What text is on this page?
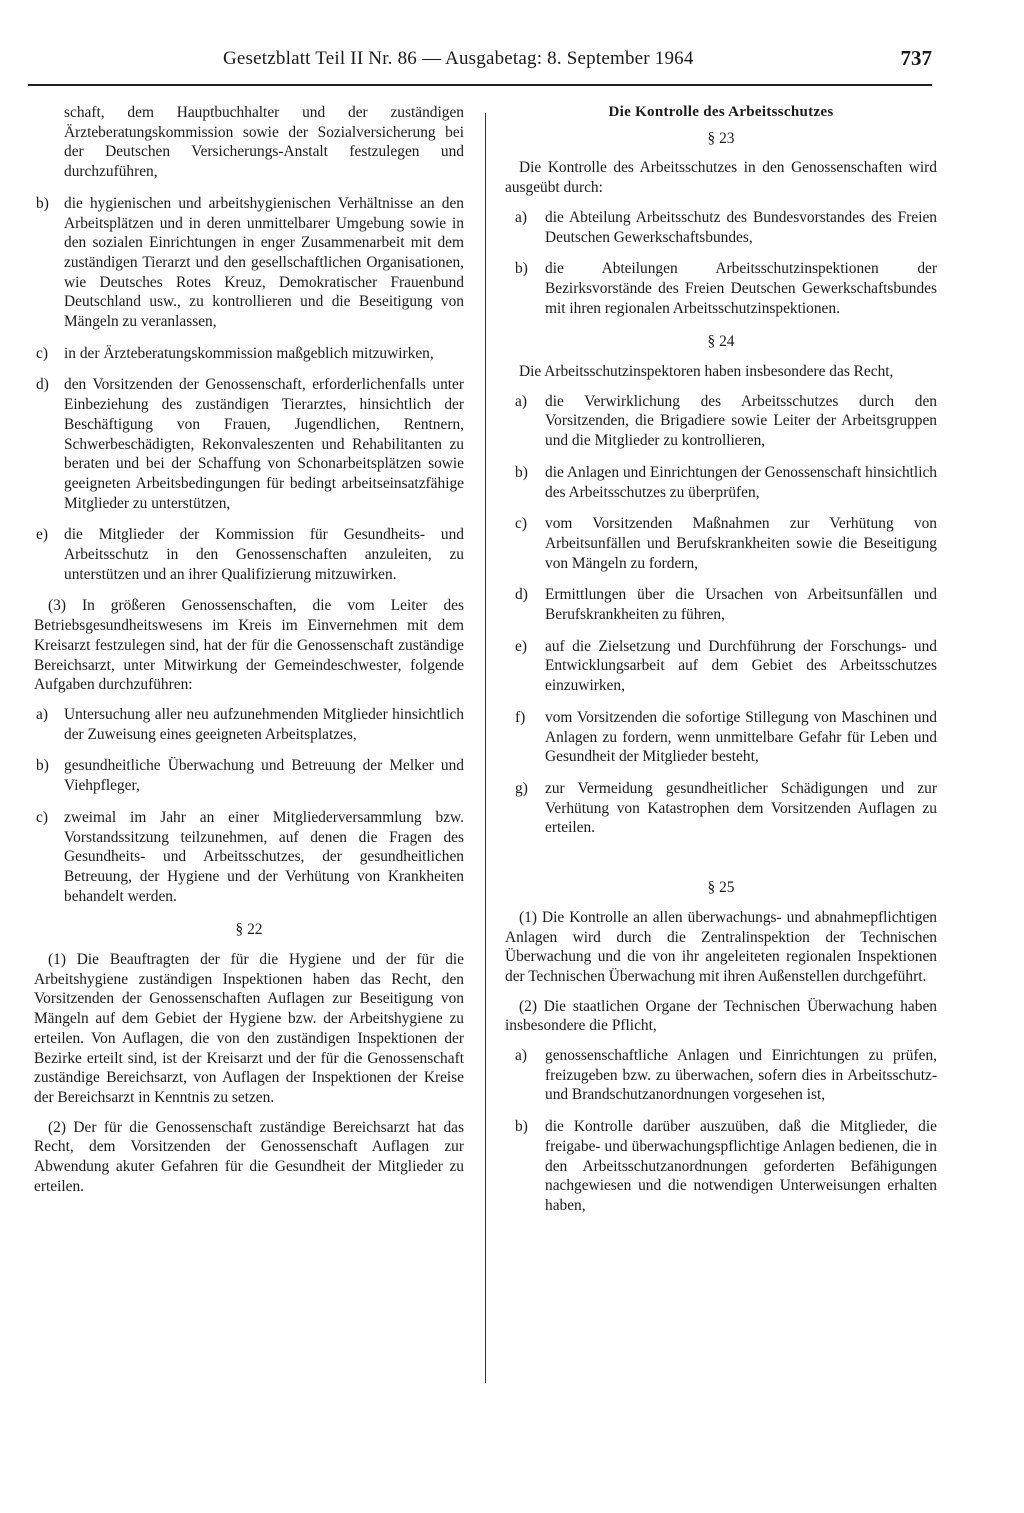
Gesetzblatt Teil II Nr. 86 — Ausgabetag: 8. September 1964	737

schaft, dem Hauptbuchhalter und der zuständigen Ärzteberatungskommission sowie der Sozialversicherung bei der Deutschen Versicherungs-Anstalt festzulegen und durchzuführen,

b) die hygienischen und arbeitshygienischen Verhältnisse an den Arbeitsplätzen und in deren unmittelbarer Umgebung sowie in den sozialen Einrichtungen in enger Zusammenarbeit mit dem zuständigen Tierarzt und den gesellschaftlichen Organisationen, wie Deutsches Rotes Kreuz, Demokratischer Frauenbund Deutschland usw., zu kontrollieren und die Beseitigung von Mängeln zu veranlassen,

c) in der Ärzteberatungskommission maßgeblich mitzuwirken,

d) den Vorsitzenden der Genossenschaft, erforderlichenfalls unter Einbeziehung des zuständigen Tierarztes, hinsichtlich der Beschäftigung von Frauen, Jugendlichen, Rentnern, Schwerbeschädigten, Rekonvaleszenten und Rehabilitanten zu beraten und bei der Schaffung von Schonarbeitsplätzen sowie geeigneten Arbeitsbedingungen für bedingt arbeitseinsatzfähige Mitglieder zu unterstützen,

e) die Mitglieder der Kommission für Gesundheits- und Arbeitsschutz in den Genossenschaften anzuleiten, zu unterstützen und an ihrer Qualifizierung mitzuwirken.

(3) In größeren Genossenschaften, die vom Leiter des Betriebsgesundheitswesens im Kreis im Einvernehmen mit dem Kreisarzt festzulegen sind, hat der für die Genossenschaft zuständige Bereichsarzt, unter Mitwirkung der Gemeindeschwester, folgende Aufgaben durchzuführen:

a) Untersuchung aller neu aufzunehmenden Mitglieder hinsichtlich der Zuweisung eines geeigneten Arbeitsplatzes,

b) gesundheitliche Überwachung und Betreuung der Melker und Viehpfleger,

c) zweimal im Jahr an einer Mitgliederversammlung bzw. Vorstandssitzung teilzunehmen, auf denen die Fragen des Gesundheits- und Arbeitsschutzes, der gesundheitlichen Betreuung, der Hygiene und der Verhütung von Krankheiten behandelt werden.

§ 22

(1) Die Beauftragten der für die Hygiene und der für die Arbeitshygiene zuständigen Inspektionen haben das Recht, den Vorsitzenden der Genossenschaften Auflagen zur Beseitigung von Mängeln auf dem Gebiet der Hygiene bzw. der Arbeitshygiene zu erteilen. Von Auflagen, die von den zuständigen Inspektionen der Bezirke erteilt sind, ist der Kreisarzt und der für die Genossenschaft zuständige Bereichsarzt, von Auflagen der Inspektionen der Kreise der Bereichsarzt in Kenntnis zu setzen.

(2) Der für die Genossenschaft zuständige Bereichsarzt hat das Recht, dem Vorsitzenden der Genossenschaft Auflagen zur Abwendung akuter Gefahren für die Gesundheit der Mitglieder zu erteilen.

Die Kontrolle des Arbeitsschutzes

§ 23

Die Kontrolle des Arbeitsschutzes in den Genossenschaften wird ausgeübt durch:

a) die Abteilung Arbeitsschutz des Bundesvorstandes des Freien Deutschen Gewerkschaftsbundes,

b) die Abteilungen Arbeitsschutzinspektionen der Bezirksvorstände des Freien Deutschen Gewerkschaftsbundes mit ihren regionalen Arbeitsschutzinspektionen.

§ 24

Die Arbeitsschutzinspektoren haben insbesondere das Recht,

a) die Verwirklichung des Arbeitsschutzes durch den Vorsitzenden, die Brigadiere sowie Leiter der Arbeitsgruppen und die Mitglieder zu kontrollieren,

b) die Anlagen und Einrichtungen der Genossenschaft hinsichtlich des Arbeitsschutzes zu überprüfen,

c) vom Vorsitzenden Maßnahmen zur Verhütung von Arbeitsunfällen und Berufskrankheiten sowie die Beseitigung von Mängeln zu fordern,

d) Ermittlungen über die Ursachen von Arbeitsunfällen und Berufskrankheiten zu führen,

e) auf die Zielsetzung und Durchführung der Forschungs- und Entwicklungsarbeit auf dem Gebiet des Arbeitsschutzes einzuwirken,

f) vom Vorsitzenden die sofortige Stillegung von Maschinen und Anlagen zu fordern, wenn unmittelbare Gefahr für Leben und Gesundheit der Mitglieder besteht,

g) zur Vermeidung gesundheitlicher Schädigungen und zur Verhütung von Katastrophen dem Vorsitzenden Auflagen zu erteilen.

§ 25

(1) Die Kontrolle an allen überwachungs- und abnahmepflichtigen Anlagen wird durch die Zentralinspektion der Technischen Überwachung und die von ihr angeleiteten regionalen Inspektionen der Technischen Überwachung mit ihren Außenstellen durchgeführt.

(2) Die staatlichen Organe der Technischen Überwachung haben insbesondere die Pflicht,

a) genossenschaftliche Anlagen und Einrichtungen zu prüfen, freizugeben bzw. zu überwachen, sofern dies in Arbeitsschutz- und Brandschutzanordnungen vorgesehen ist,

b) die Kontrolle darüber auszuüben, daß die Mitglieder, die freigabe- und überwachungspflichtige Anlagen bedienen, die in den Arbeitsschutzanordnungen geforderten Befähigungen nachgewiesen und die notwendigen Unterweisungen erhalten haben,
